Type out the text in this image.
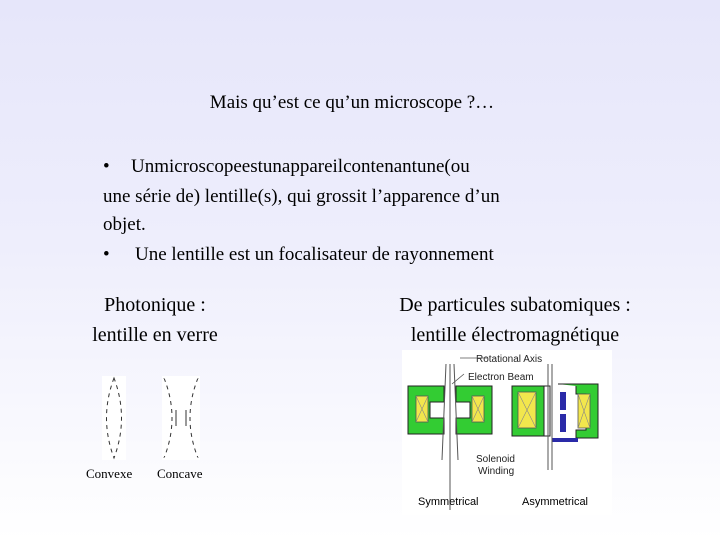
Mais qu’est ce qu’un microscope ?…
• Unmicroscopeestunappareilcontenantune(ou
une série de) lentille(s), qui grossit l’apparence d’un
objet.
• Une lentille est un focalisateur de rayonnement
Photonique :
lentille en verre
De particules subatomiques :
lentille électromagnétique
Convexe Concave
Rotational Axis
Electron Beam
Solenoid
Winding
Symmetrical	Asymmetrical
